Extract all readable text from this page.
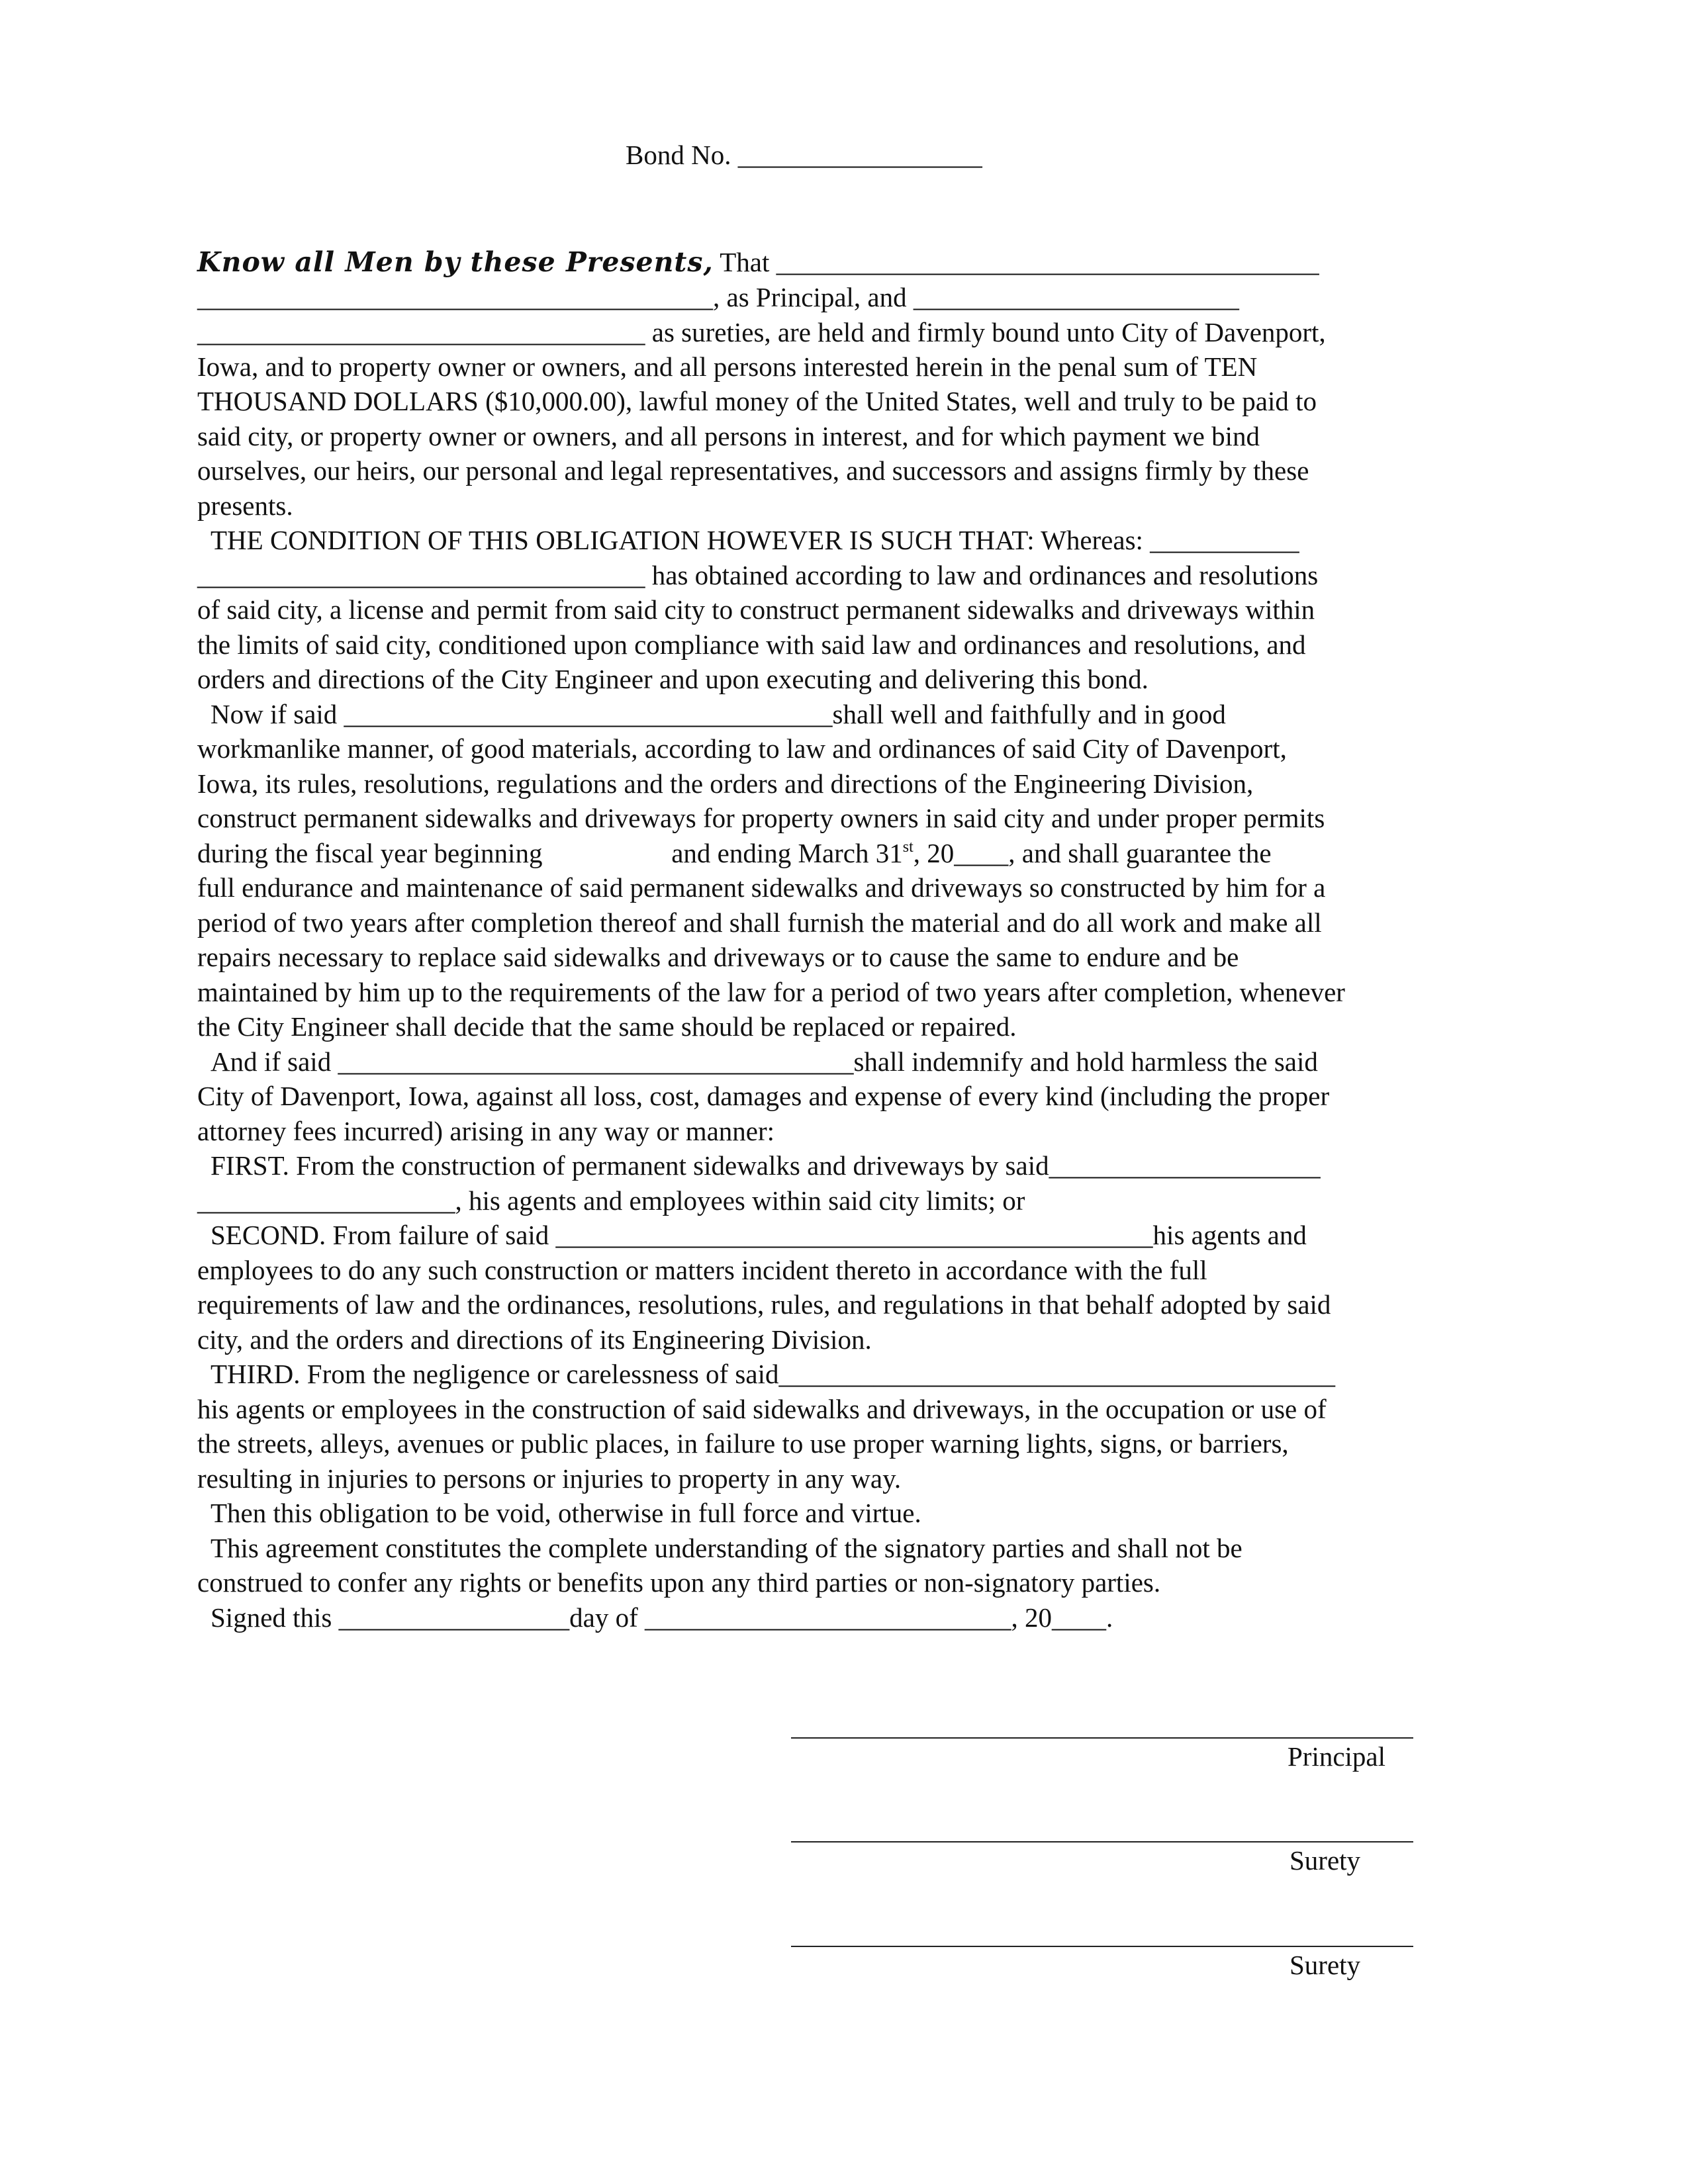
Bond No. __________________
Know all Men by these Presents, That ________________________________________
______________________________________, as Principal, and ________________________
_________________________________ as sureties, are held and firmly bound unto City of Davenport,
Iowa, and to property owner or owners, and all persons interested herein in the penal sum of TEN
THOUSAND DOLLARS ($10,000.00), lawful money of the United States, well and truly to be paid to
said city, or property owner or owners, and all persons in interest, and for which payment we bind
ourselves, our heirs, our personal and legal representatives, and successors and assigns firmly by these
presents.
THE CONDITION OF THIS OBLIGATION HOWEVER IS SUCH THAT: Whereas: ___________
_________________________________ has obtained according to law and ordinances and resolutions
of said city, a license and permit from said city to construct permanent sidewalks and driveways within
the limits of said city, conditioned upon compliance with said law and ordinances and resolutions, and
orders and directions of the City Engineer and upon executing and delivering this bond.
Now if said ____________________________________shall well and faithfully and in good
workmanlike manner, of good materials, according to law and ordinances of said City of Davenport,
Iowa, its rules, resolutions, regulations and the orders and directions of the Engineering Division,
construct permanent sidewalks and driveways for property owners in said city and under proper permits
during the fiscal year beginning                   and ending March 31st, 20____, and shall guarantee the
full endurance and maintenance of said permanent sidewalks and driveways so constructed by him for a
period of two years after completion thereof and shall furnish the material and do all work and make all
repairs necessary to replace said sidewalks and driveways or to cause the same to endure and be
maintained by him up to the requirements of the law for a period of two years after completion, whenever
the City Engineer shall decide that the same should be replaced or repaired.
And if said ______________________________________shall indemnify and hold harmless the said
City of Davenport, Iowa, against all loss, cost, damages and expense of every kind (including the proper
attorney fees incurred) arising in any way or manner:
FIRST. From the construction of permanent sidewalks and driveways by said____________________
___________________, his agents and employees within said city limits; or
SECOND. From failure of said ____________________________________________his agents and
employees to do any such construction or matters incident thereto in accordance with the full
requirements of law and the ordinances, resolutions, rules, and regulations in that behalf adopted by said
city, and the orders and directions of its Engineering Division.
THIRD. From the negligence or carelessness of said_________________________________________
his agents or employees in the construction of said sidewalks and driveways, in the occupation or use of
the streets, alleys, avenues or public places, in failure to use proper warning lights, signs, or barriers,
resulting in injuries to persons or injuries to property in any way.
Then this obligation to be void, otherwise in full force and virtue.
This agreement constitutes the complete understanding of the signatory parties and shall not be
construed to confer any rights or benefits upon any third parties or non-signatory parties.
Signed this _________________day of ___________________________, 20____.
Principal
Surety
Surety
